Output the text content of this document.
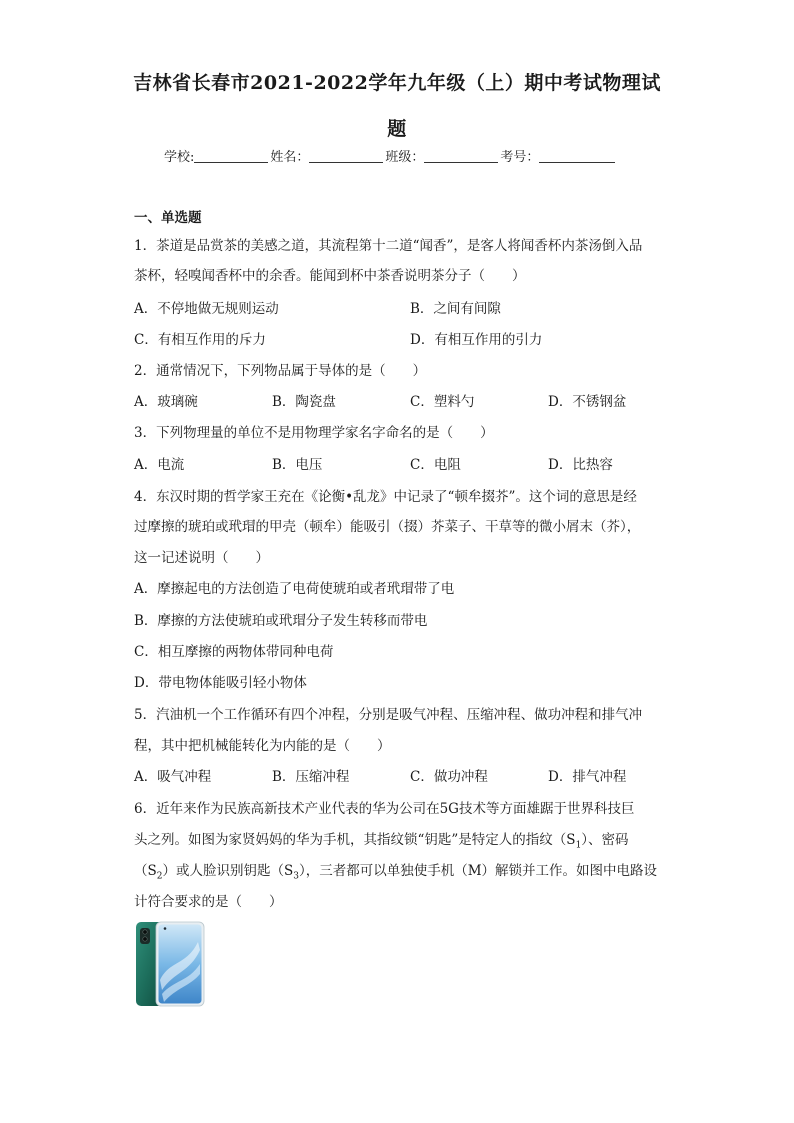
吉林省长春市2021-2022学年九年级（上）期中考试物理试
题
学校:	姓名：	班级：	考号：
一、单选题
1．茶道是品赏茶的美感之道，其流程第十二道“闻香”，是客人将闻香杯内茶汤倒入品
茶杯，轻嗅闻香杯中的余香。能闻到杯中茶香说明茶分子（　　）
A．不停地做无规则运动	B．之间有间隙
C．有相互作用的斥力	D．有相互作用的引力
2．通常情况下，下列物品属于导体的是（　　）
A．玻璃碗	B．陶瓷盘	C．塑料勺	D．不锈钢盆
3．下列物理量的单位不是用物理学家名字命名的是（　　）
A．电流	B．电压	C．电阻	D．比热容
4．东汉时期的哲学家王充在《论衡•乱龙》中记录了“顿牟掇芥”。这个词的意思是经
过摩擦的琥珀或玳瑁的甲壳（顿牟）能吸引（掇）芥菜子、干草等的微小屑末（芥），
这一记述说明（　　）
A．摩擦起电的方法创造了电荷使琥珀或者玳瑁带了电
B．摩擦的方法使琥珀或玳瑁分子发生转移而带电
C．相互摩擦的两物体带同种电荷
D．带电物体能吸引轻小物体
5．汽油机一个工作循环有四个冲程，分别是吸气冲程、压缩冲程、做功冲程和排气冲
程，其中把机械能转化为内能的是（　　）
A．吸气冲程	B．压缩冲程	C．做功冲程	D．排气冲程
6．近年来作为民族高新技术产业代表的华为公司在5G技术等方面雄踞于世界科技巨
头之列。如图为家贤妈妈的华为手机，其指纹锁“钥匙”是特定人的指纹$(S_1)$、密码
$(S_2)$或人脸识别钥匙$(S_3)$，三者都可以单独使手机（M）解锁并工作。如图中电路设
计符合要求的是（　　）
